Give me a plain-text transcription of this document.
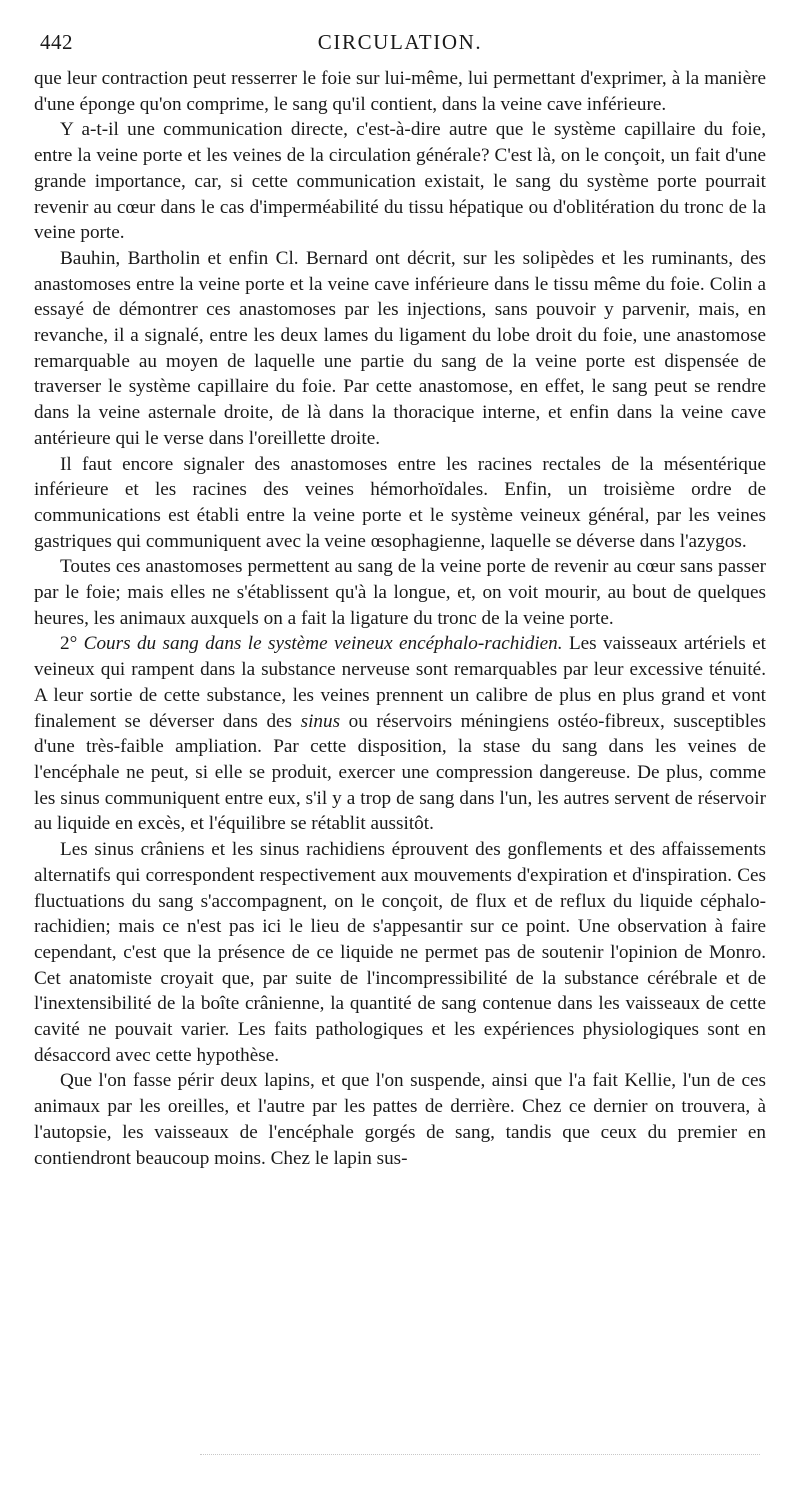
442	CIRCULATION.

que leur contraction peut resserrer le foie sur lui-même, lui permettant d'exprimer, à la manière d'une éponge qu'on comprime, le sang qu'il contient, dans la veine cave inférieure.

Y a-t-il une communication directe, c'est-à-dire autre que le système capillaire du foie, entre la veine porte et les veines de la circulation générale? C'est là, on le conçoit, un fait d'une grande importance, car, si cette communication existait, le sang du système porte pourrait revenir au cœur dans le cas d'imperméabilité du tissu hépatique ou d'oblitération du tronc de la veine porte.

Bauhin, Bartholin et enfin Cl. Bernard ont décrit, sur les solipèdes et les ruminants, des anastomoses entre la veine porte et la veine cave inférieure dans le tissu même du foie. Colin a essayé de démontrer ces anastomoses par les injections, sans pouvoir y parvenir, mais, en revanche, il a signalé, entre les deux lames du ligament du lobe droit du foie, une anastomose remarquable au moyen de laquelle une partie du sang de la veine porte est dispensée de traverser le système capillaire du foie. Par cette anastomose, en effet, le sang peut se rendre dans la veine asternale droite, de là dans la thoracique interne, et enfin dans la veine cave antérieure qui le verse dans l'oreillette droite.

Il faut encore signaler des anastomoses entre les racines rectales de la mésentérique inférieure et les racines des veines hémorhoïdales. Enfin, un troisième ordre de communications est établi entre la veine porte et le système veineux général, par les veines gastriques qui communiquent avec la veine œsophagienne, laquelle se déverse dans l'azygos.

Toutes ces anastomoses permettent au sang de la veine porte de revenir au cœur sans passer par le foie; mais elles ne s'établissent qu'à la longue, et, on voit mourir, au bout de quelques heures, les animaux auxquels on a fait la ligature du tronc de la veine porte.

2° Cours du sang dans le système veineux encéphalo-rachidien. Les vaisseaux artériels et veineux qui rampent dans la substance nerveuse sont remarquables par leur excessive ténuité. A leur sortie de cette substance, les veines prennent un calibre de plus en plus grand et vont finalement se déverser dans des sinus ou réservoirs méningiens ostéo-fibreux, susceptibles d'une très-faible ampliation. Par cette disposition, la stase du sang dans les veines de l'encéphale ne peut, si elle se produit, exercer une compression dangereuse. De plus, comme les sinus communiquent entre eux, s'il y a trop de sang dans l'un, les autres servent de réservoir au liquide en excès, et l'équilibre se rétablit aussitôt.

Les sinus crâniens et les sinus rachidiens éprouvent des gonflements et des affaissements alternatifs qui correspondent respectivement aux mouvements d'expiration et d'inspiration. Ces fluctuations du sang s'accompagnent, on le conçoit, de flux et de reflux du liquide céphalo-rachidien; mais ce n'est pas ici le lieu de s'appesantir sur ce point. Une observation à faire cependant, c'est que la présence de ce liquide ne permet pas de soutenir l'opinion de Monro. Cet anatomiste croyait que, par suite de l'incompressibilité de la substance cérébrale et de l'inextensibilité de la boîte crânienne, la quantité de sang contenue dans les vaisseaux de cette cavité ne pouvait varier. Les faits pathologiques et les expériences physiologiques sont en désaccord avec cette hypothèse.

Que l'on fasse périr deux lapins, et que l'on suspende, ainsi que l'a fait Kellie, l'un de ces animaux par les oreilles, et l'autre par les pattes de derrière. Chez ce dernier on trouvera, à l'autopsie, les vaisseaux de l'encéphale gorgés de sang, tandis que ceux du premier en contiendront beaucoup moins. Chez le lapin sus-
